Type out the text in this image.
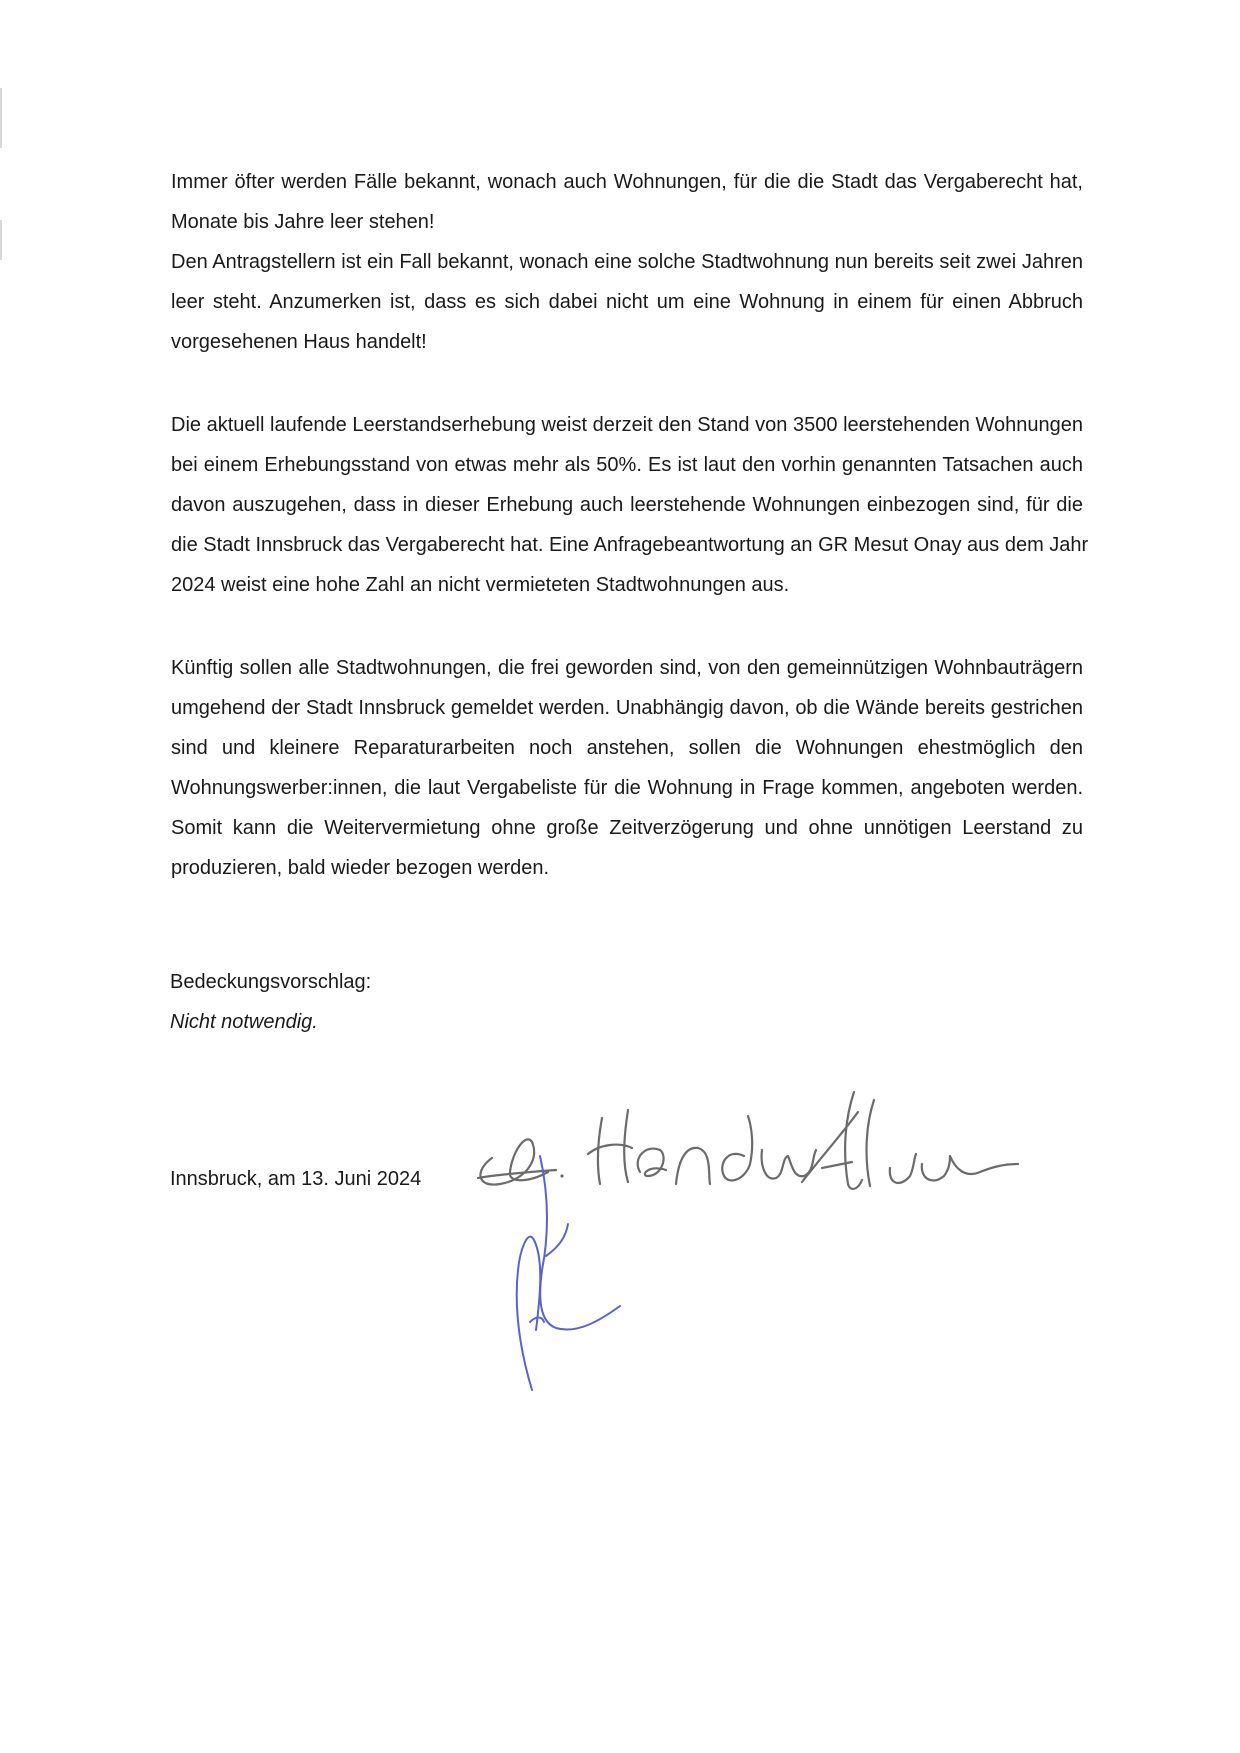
Immer öfter werden Fälle bekannt, wonach auch Wohnungen, für die die Stadt das Vergaberecht hat,
Monate bis Jahre leer stehen!
Den Antragstellern ist ein Fall bekannt, wonach eine solche Stadtwohnung nun bereits seit zwei Jahren
leer steht. Anzumerken ist, dass es sich dabei nicht um eine Wohnung in einem für einen Abbruch
vorgesehenen Haus handelt!
Die aktuell laufende Leerstandserhebung weist derzeit den Stand von 3500 leerstehenden Wohnungen
bei einem Erhebungsstand von etwas mehr als 50%. Es ist laut den vorhin genannten Tatsachen auch
davon auszugehen, dass in dieser Erhebung auch leerstehende Wohnungen einbezogen sind, für die
die Stadt Innsbruck das Vergaberecht hat. Eine Anfragebeantwortung an GR Mesut Onay aus dem Jahr
2024 weist eine hohe Zahl an nicht vermieteten Stadtwohnungen aus.
Künftig sollen alle Stadtwohnungen, die frei geworden sind, von den gemeinnützigen Wohnbauträgern
umgehend der Stadt Innsbruck gemeldet werden. Unabhängig davon, ob die Wände bereits gestrichen
sind und kleinere Reparaturarbeiten noch anstehen, sollen die Wohnungen ehestmöglich den
Wohnungswerber:innen, die laut Vergabeliste für die Wohnung in Frage kommen, angeboten werden.
Somit kann die Weitervermietung ohne große Zeitverzögerung und ohne unnötigen Leerstand zu
produzieren, bald wieder bezogen werden.
Bedeckungsvorschlag:
Nicht notwendig.
Innsbruck, am 13. Juni 2024
